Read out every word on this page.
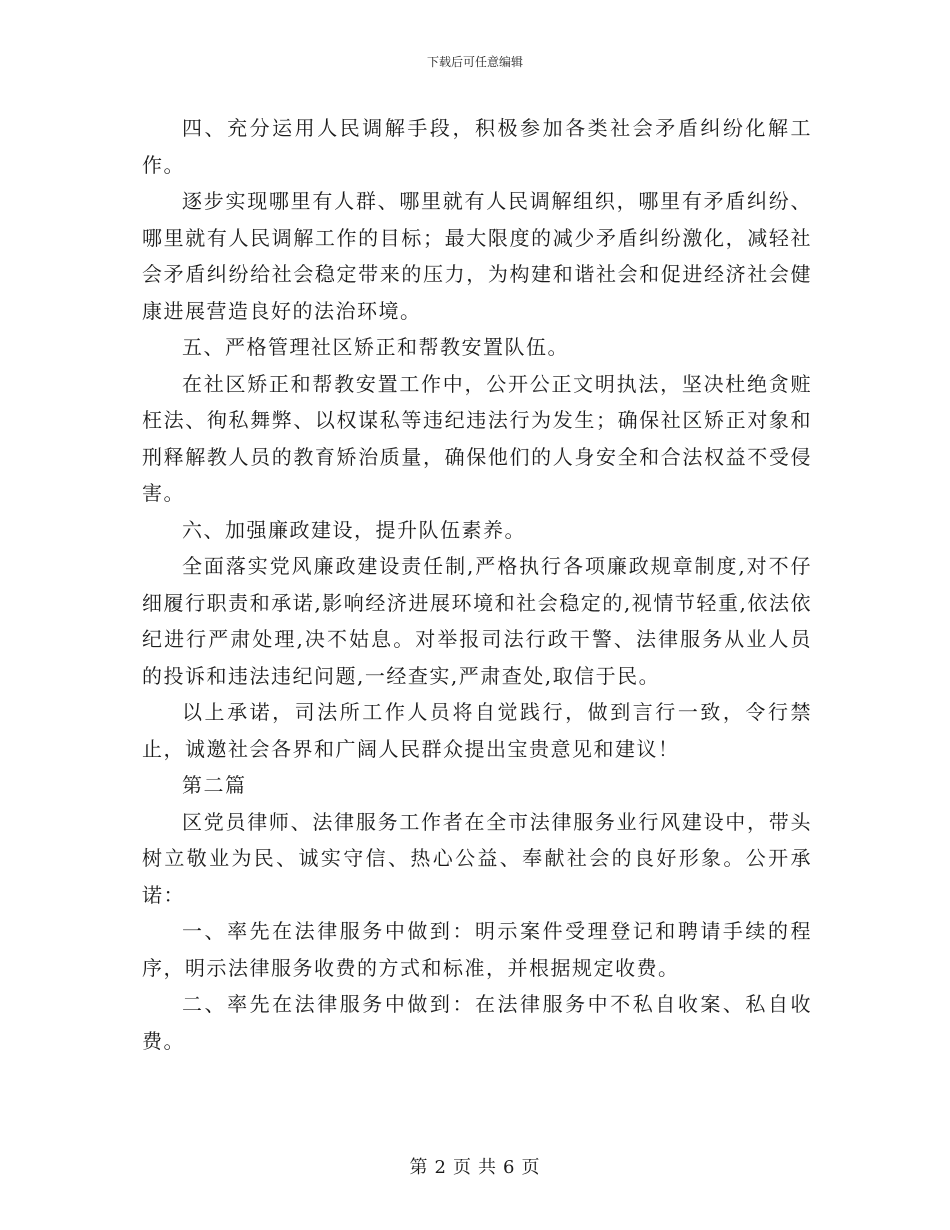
下载后可任意编辑

四、充分运用人民调解手段，积极参加各类社会矛盾纠纷化解工作。

逐步实现哪里有人群、哪里就有人民调解组织，哪里有矛盾纠纷、哪里就有人民调解工作的目标；最大限度的减少矛盾纠纷激化，减轻社会矛盾纠纷给社会稳定带来的压力，为构建和谐社会和促进经济社会健康进展营造良好的法治环境。

五、严格管理社区矫正和帮教安置队伍。

在社区矫正和帮教安置工作中，公开公正文明执法，坚决杜绝贪赃枉法、徇私舞弊、以权谋私等违纪违法行为发生；确保社区矫正对象和刑释解教人员的教育矫治质量，确保他们的人身安全和合法权益不受侵害。

六、加强廉政建设，提升队伍素养。

全面落实党风廉政建设责任制,严格执行各项廉政规章制度,对不仔细履行职责和承诺,影响经济进展环境和社会稳定的,视情节轻重,依法依纪进行严肃处理,决不姑息。对举报司法行政干警、法律服务从业人员的投诉和违法违纪问题,一经查实,严肃查处,取信于民。

以上承诺，司法所工作人员将自觉践行，做到言行一致，令行禁止，诚邀社会各界和广阔人民群众提出宝贵意见和建议！

第二篇

区党员律师、法律服务工作者在全市法律服务业行风建设中，带头树立敬业为民、诚实守信、热心公益、奉献社会的良好形象。公开承诺：

一、率先在法律服务中做到：明示案件受理登记和聘请手续的程序，明示法律服务收费的方式和标准，并根据规定收费。

二、率先在法律服务中做到：在法律服务中不私自收案、私自收费。

第 2 页 共 6 页
